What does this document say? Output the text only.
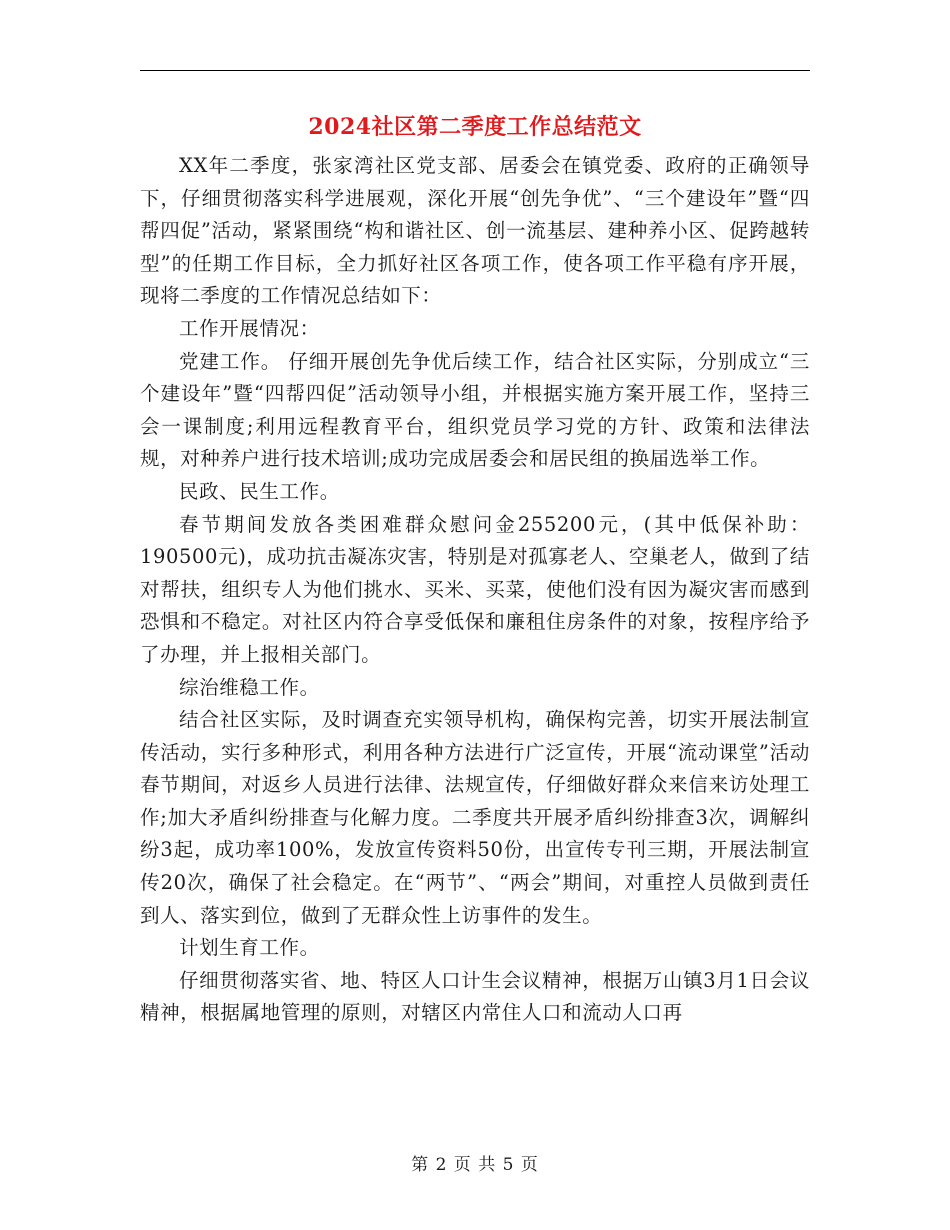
2024社区第二季度工作总结范文

XX年二季度，张家湾社区党支部、居委会在镇党委、政府的正确领导下，仔细贯彻落实科学进展观，深化开展“创先争优”、“三个建设年”暨“四帮四促”活动，紧紧围绕“构和谐社区、创一流基层、建种养小区、促跨越转型”的任期工作目标，全力抓好社区各项工作，使各项工作平稳有序开展，现将二季度的工作情况总结如下：

工作开展情况：

党建工作。 仔细开展创先争优后续工作，结合社区实际，分别成立“三个建设年”暨“四帮四促”活动领导小组，并根据实施方案开展工作，坚持三会一课制度;利用远程教育平台，组织党员学习党的方针、政策和法律法规，对种养户进行技术培训;成功完成居委会和居民组的换届选举工作。

民政、民生工作。

春节期间发放各类困难群众慰问金255200元，(其中低保补助：190500元)，成功抗击凝冻灾害，特别是对孤寡老人、空巢老人，做到了结对帮扶，组织专人为他们挑水、买米、买菜，使他们没有因为凝灾害而感到恐惧和不稳定。对社区内符合享受低保和廉租住房条件的对象，按程序给予了办理，并上报相关部门。

综治维稳工作。

结合社区实际，及时调查充实领导机构，确保构完善，切实开展法制宣传活动，实行多种形式，利用各种方法进行广泛宣传，开展“流动课堂”活动春节期间，对返乡人员进行法律、法规宣传，仔细做好群众来信来访处理工作;加大矛盾纠纷排查与化解力度。二季度共开展矛盾纠纷排查3次，调解纠纷3起，成功率100%，发放宣传资料50份，出宣传专刊三期，开展法制宣传20次，确保了社会稳定。在“两节”、“两会”期间，对重控人员做到责任到人、落实到位，做到了无群众性上访事件的发生。

计划生育工作。

仔细贯彻落实省、地、特区人口计生会议精神，根据万山镇3月1日会议精神，根据属地管理的原则，对辖区内常住人口和流动人口再

第 2 页 共 5 页
